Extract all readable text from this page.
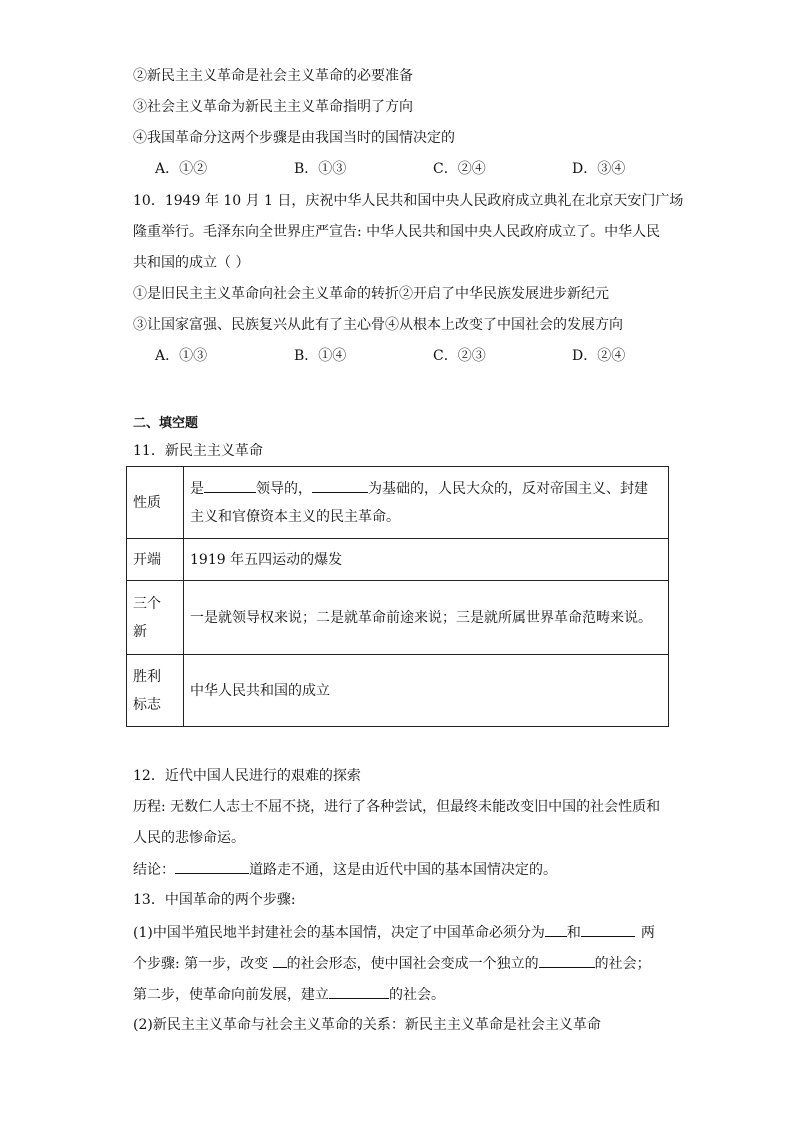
②新民主主义革命是社会主义革命的必要准备
③社会主义革命为新民主主义革命指明了方向
④我国革命分这两个步骤是由我国当时的国情决定的
A．①②	B．①③	C．②④	D．③④
10．1949 年 10 月 1 日，庆祝中华人民共和国中央人民政府成立典礼在北京天安门广场
隆重举行。毛泽东向全世界庄严宣告: 中华人民共和国中央人民政府成立了。中华人民
共和国的成立（ ）
①是旧民主主义革命向社会主义革命的转折②开启了中华民族发展进步新纪元
③让国家富强、民族复兴从此有了主心骨④从根本上改变了中国社会的发展方向
A．①③	B．①④	C．②③	D．②④
二、填空题
11．新民主主义革命
性质	是 领导的， 为基础的，人民大众的，反对帝国主义、封建
主义和官僚资本主义的民主革命。

开端	1919 年五四运动的爆发

三个
新	一是就领导权来说；二是就革命前途来说；三是就所属世界革命范畴来说。

胜利
标志	中华人民共和国的成立
12．近代中国人民进行的艰难的探索
历程: 无数仁人志士不屈不挠，进行了各种尝试，但最终未能改变旧中国的社会性质和
人民的悲惨命运。
结论：	道路走不通，这是由近代中国的基本国情决定的。
13．中国革命的两个步骤:
(1)中国半殖民地半封建社会的基本国情，决定了中国革命必须分为 和	两
个步骤: 第一步，改变 的社会形态，使中国社会变成一个独立的	的社会；
第二步，使革命向前发展，建立	的社会。
(2)新民主主义革命与社会主义革命的关系：新民主主义革命是社会主义革命
